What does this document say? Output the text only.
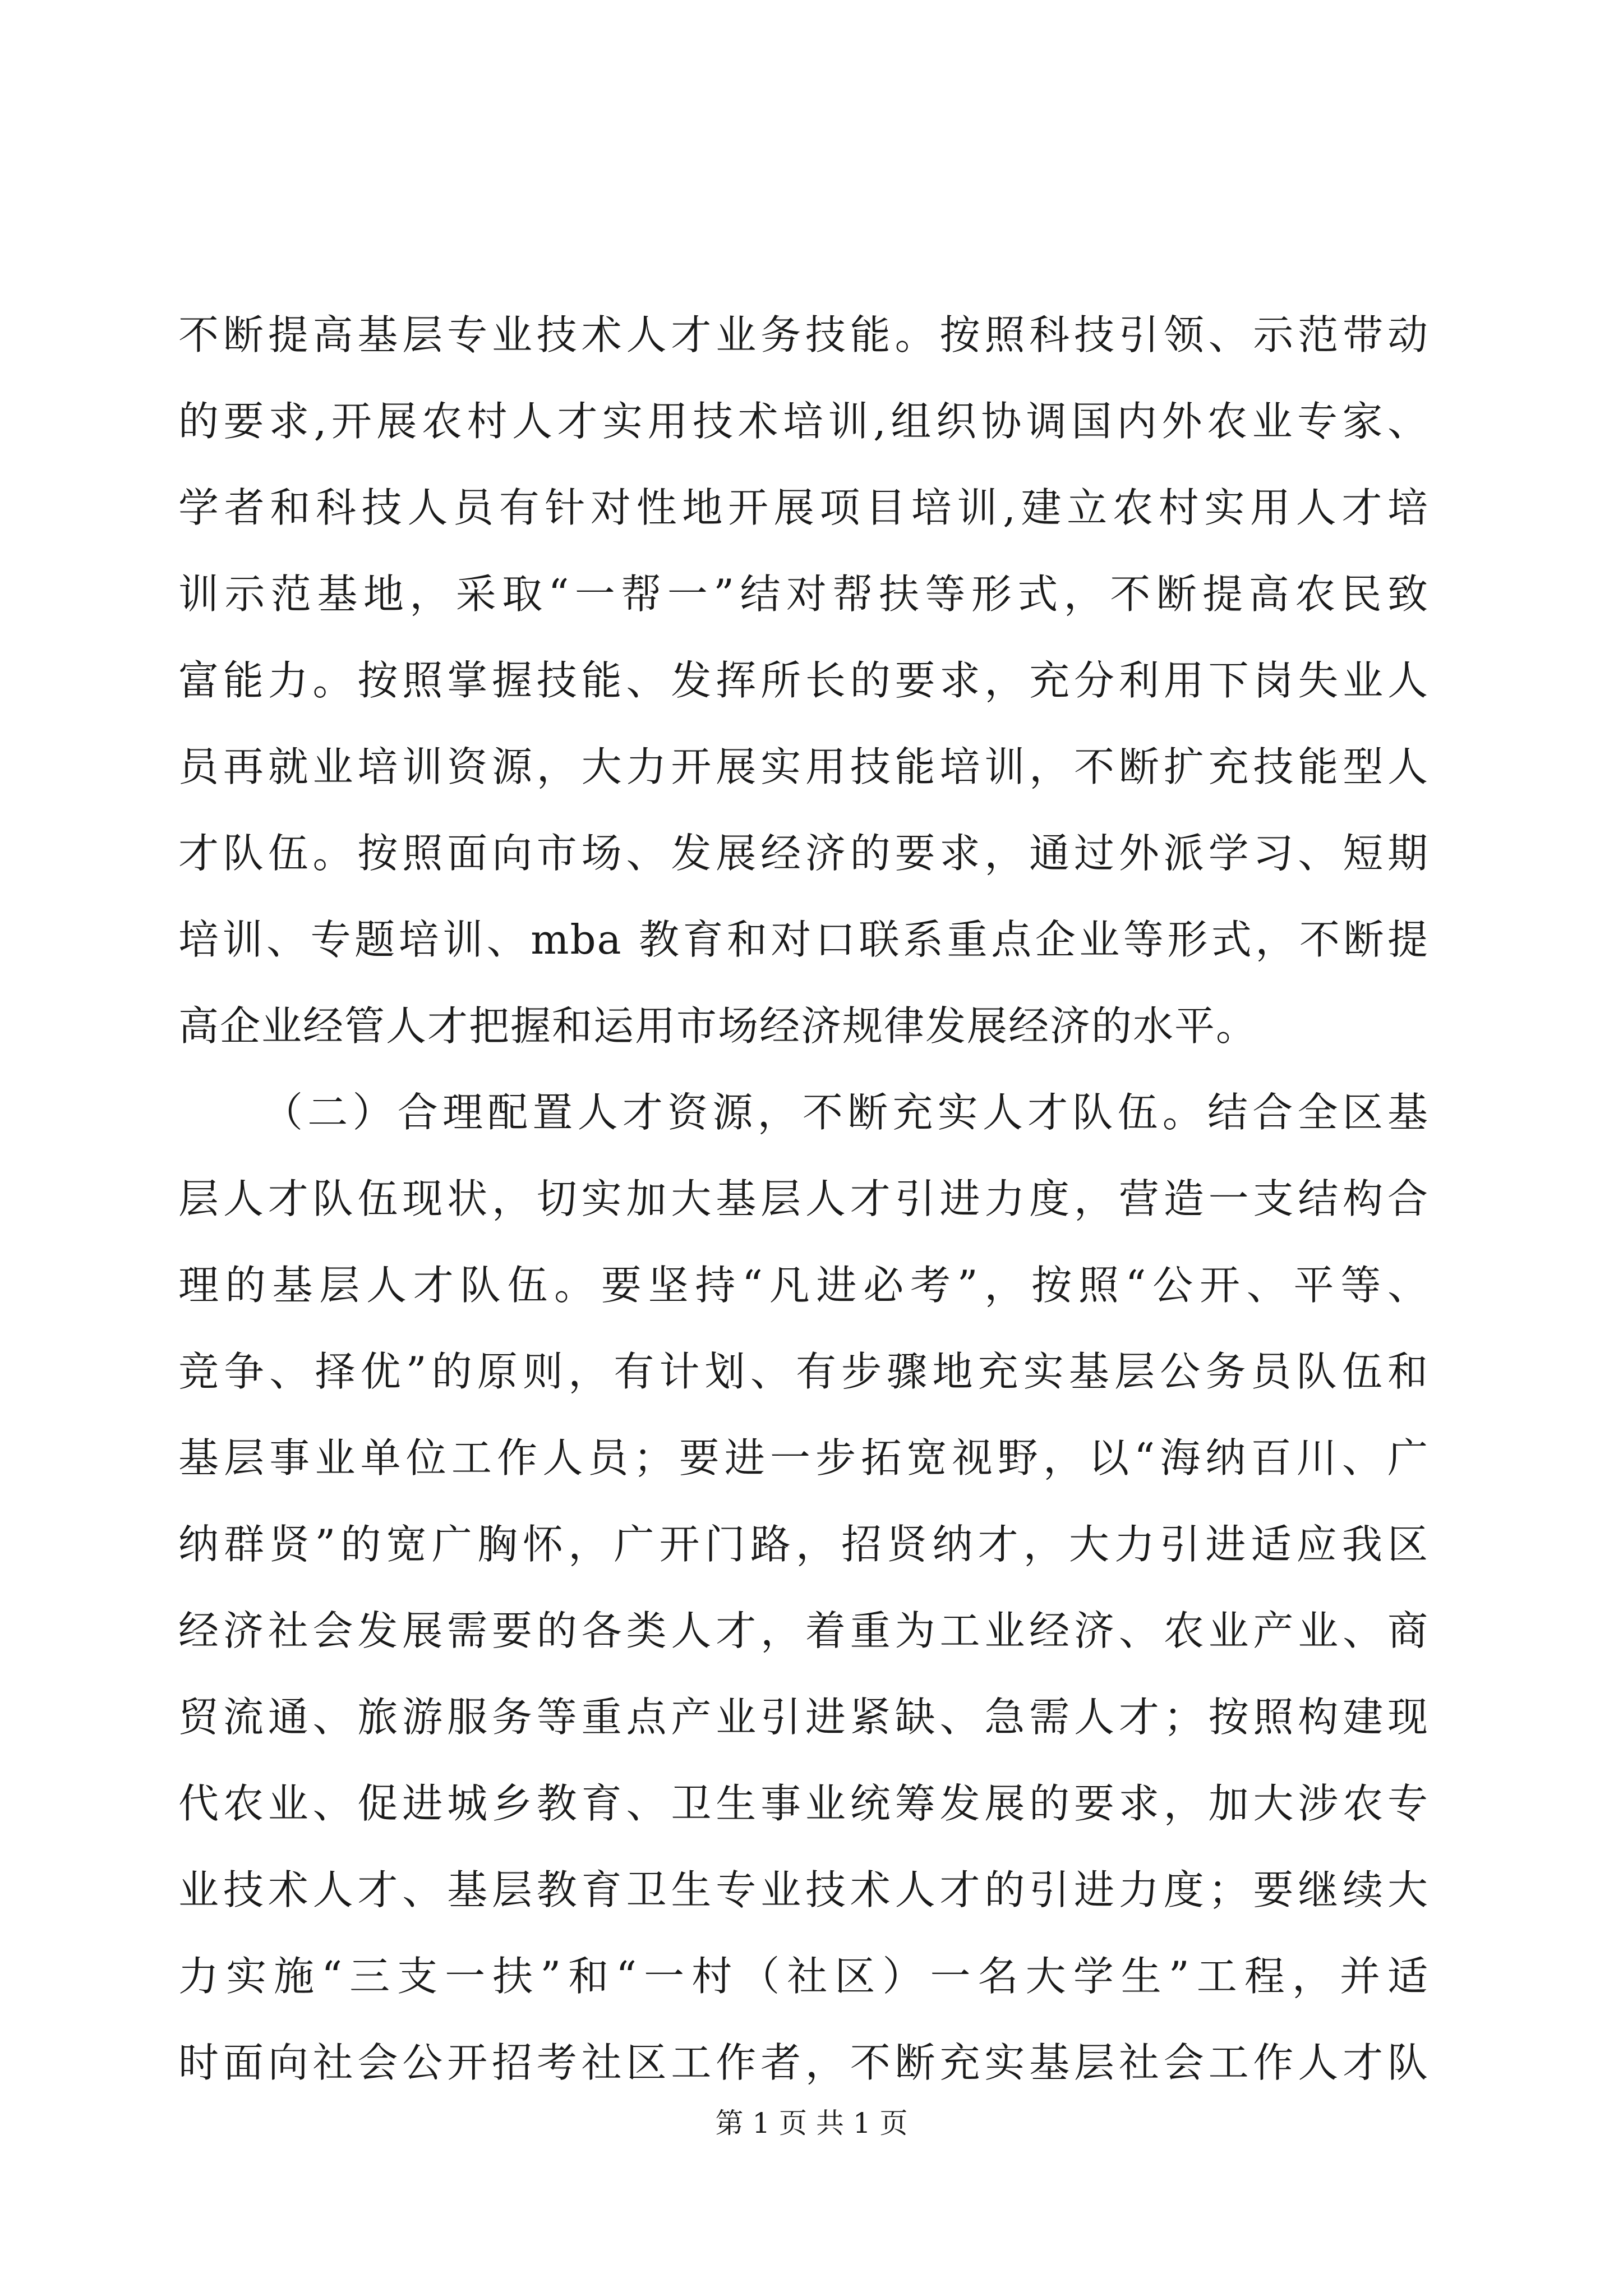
不断提高基层专业技术人才业务技能。按照科技引领、示范带动
的要求,开展农村人才实用技术培训,组织协调国内外农业专家、
学者和科技人员有针对性地开展项目培训,建立农村实用人才培
训示范基地，采取“一帮一”结对帮扶等形式，不断提高农民致
富能力。按照掌握技能、发挥所长的要求，充分利用下岗失业人
员再就业培训资源，大力开展实用技能培训，不断扩充技能型人
才队伍。按照面向市场、发展经济的要求，通过外派学习、短期
培训、专题培训、mba 教育和对口联系重点企业等形式，不断提
高企业经管人才把握和运用市场经济规律发展经济的水平。
（二）合理配置人才资源，不断充实人才队伍。结合全区基
层人才队伍现状，切实加大基层人才引进力度，营造一支结构合
理的基层人才队伍。要坚持“凡进必考”，按照“公开、平等、
竞争、择优”的原则，有计划、有步骤地充实基层公务员队伍和
基层事业单位工作人员；要进一步拓宽视野，以“海纳百川、广
纳群贤”的宽广胸怀，广开门路，招贤纳才，大力引进适应我区
经济社会发展需要的各类人才，着重为工业经济、农业产业、商
贸流通、旅游服务等重点产业引进紧缺、急需人才；按照构建现
代农业、促进城乡教育、卫生事业统筹发展的要求，加大涉农专
业技术人才、基层教育卫生专业技术人才的引进力度；要继续大
力实施“三支一扶”和“一村（社区）一名大学生”工程，并适
时面向社会公开招考社区工作者，不断充实基层社会工作人才队
第 1 页 共 1 页
